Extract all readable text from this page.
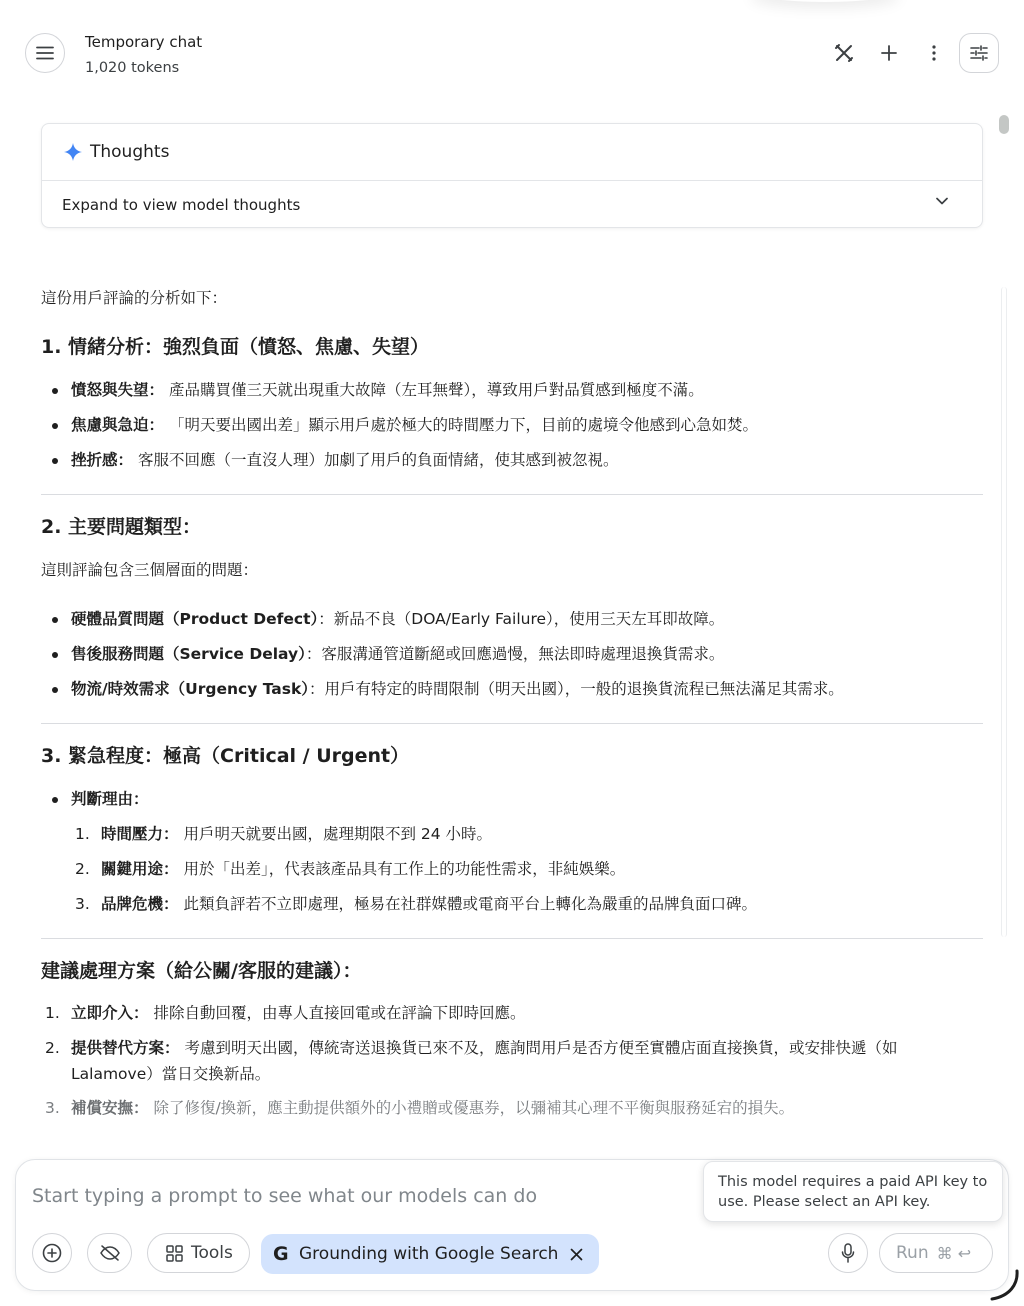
Temporary chat
1,020 tokens
Thoughts
Expand to view model thoughts
這份用戶評論的分析如下：
1. 情緒分析：強烈負面（憤怒、焦慮、失望）
憤怒與失望： 產品購買僅三天就出現重大故障（左耳無聲），導致用戶對品質感到極度不滿。
焦慮與急迫： 「明天要出國出差」顯示用戶處於極大的時間壓力下，目前的處境令他感到心急如焚。
挫折感： 客服不回應（一直沒人理）加劇了用戶的負面情緒，使其感到被忽視。
2. 主要問題類型：
這則評論包含三個層面的問題：
硬體品質問題（Product Defect）：新品不良（DOA/Early Failure），使用三天左耳即故障。
售後服務問題（Service Delay）：客服溝通管道斷絕或回應過慢，無法即時處理退換貨需求。
物流/時效需求（Urgency Task）：用戶有特定的時間限制（明天出國），一般的退換貨流程已無法滿足其需求。
3. 緊急程度：極高（Critical / Urgent）
判斷理由：
1. 時間壓力： 用戶明天就要出國，處理期限不到 24 小時。
2. 關鍵用途： 用於「出差」，代表該產品具有工作上的功能性需求，非純娛樂。
3. 品牌危機： 此類負評若不立即處理，極易在社群媒體或電商平台上轉化為嚴重的品牌負面口碑。
建議處理方案（給公關/客服的建議）：
1. 立即介入： 排除自動回覆，由專人直接回電或在評論下即時回應。
2. 提供替代方案： 考慮到明天出國，傳統寄送退換貨已來不及，應詢問用戶是否方便至實體店面直接換貨，或安排快遞（如 Lalamove）當日交換新品。
3. 補償安撫： 除了修復/換新，應主動提供額外的小禮贈或優惠券，以彌補其心理不平衡與服務延宕的損失。
Start typing a prompt to see what our models can do
Tools G Grounding with Google Search	Run ⌘ ↩
This model requires a paid API key to use. Please select an API key.
